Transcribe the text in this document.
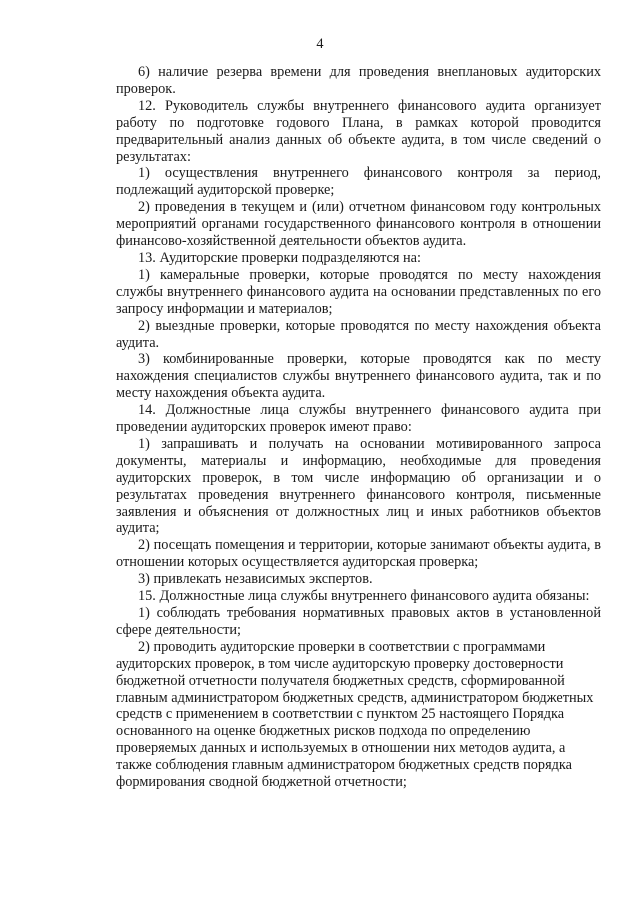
4

6) наличие резерва времени для проведения внеплановых аудиторских проверок.

12. Руководитель службы внутреннего финансового аудита организует работу по подготовке годового Плана, в рамках которой проводится предварительный анализ данных об объекте аудита, в том числе сведений о результатах:

1) осуществления внутреннего финансового контроля за период, подлежащий аудиторской проверке;

2) проведения в текущем и (или) отчетном финансовом году контрольных мероприятий органами государственного финансового контроля в отношении финансово-хозяйственной деятельности объектов аудита.

13. Аудиторские проверки подразделяются на:

1) камеральные проверки, которые проводятся по месту нахождения службы внутреннего финансового аудита на основании представленных по его запросу информации и материалов;

2) выездные проверки, которые проводятся по месту нахождения объекта аудита.

3) комбинированные проверки, которые проводятся как по месту нахождения специалистов службы внутреннего финансового аудита, так и по месту нахождения объекта аудита.

14. Должностные лица службы внутреннего финансового аудита при проведении аудиторских проверок имеют право:

1) запрашивать и получать на основании мотивированного запроса документы, материалы и информацию, необходимые для проведения аудиторских проверок, в том числе информацию об организации и о результатах проведения внутреннего финансового контроля, письменные заявления и объяснения от должностных лиц и иных работников объектов аудита;

2) посещать помещения и территории, которые занимают объекты аудита, в отношении которых осуществляется аудиторская проверка;

3) привлекать независимых экспертов.

15. Должностные лица службы внутреннего финансового аудита обязаны:

1) соблюдать требования нормативных правовых актов в установленной сфере деятельности;

2) проводить аудиторские проверки в соответствии с программами аудиторских проверок, в том числе аудиторскую проверку достоверности бюджетной отчетности получателя бюджетных средств, сформированной главным администратором бюджетных средств, администратором бюджетных средств с применением в соответствии с пунктом 25 настоящего Порядка основанного на оценке бюджетных рисков подхода по определению проверяемых данных и используемых в отношении них методов аудита, а также соблюдения главным администратором бюджетных средств порядка формирования сводной бюджетной отчетности;
